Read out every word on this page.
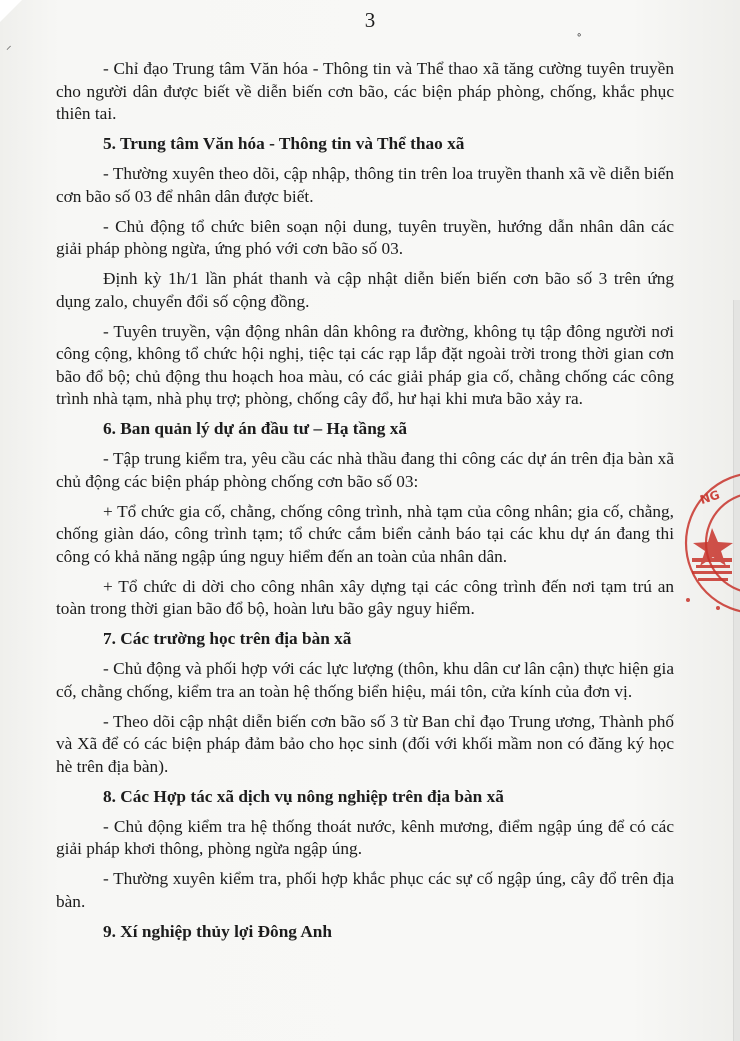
⸝
∘
3
- Chỉ đạo Trung tâm Văn hóa - Thông tin và Thể thao xã tăng cường tuyên truyền cho người dân được biết về diễn biến cơn bão, các biện pháp phòng, chống, khắc phục thiên tai.
5. Trung tâm Văn hóa - Thông tin và Thể thao xã
- Thường xuyên theo dõi, cập nhập, thông tin trên loa truyền thanh xã về diễn biến cơn bão số 03 để nhân dân được biết.
- Chủ động tổ chức biên soạn nội dung, tuyên truyền, hướng dẫn nhân dân các giải pháp phòng ngừa, ứng phó với cơn bão số 03.
Định kỳ 1h/1 lần phát thanh và cập nhật diễn biến biến cơn bão số 3 trên ứng dụng zalo, chuyển đổi số cộng đồng.
- Tuyên truyền, vận động nhân dân không ra đường, không tụ tập đông người nơi công cộng, không tổ chức hội nghị, tiệc tại các rạp lắp đặt ngoài trời trong thời gian cơn bão đổ bộ; chủ động thu hoạch hoa màu, có các giải pháp gia cố, chằng chống các công trình nhà tạm, nhà phụ trợ; phòng, chống cây đổ, hư hại khi mưa bão xảy ra.
6. Ban quản lý dự án đầu tư – Hạ tầng xã
- Tập trung kiểm tra, yêu cầu các nhà thầu đang thi công các dự án trên địa bàn xã chủ động các biện pháp phòng chống cơn bão số 03:
+ Tổ chức gia cố, chằng, chống công trình, nhà tạm của công nhân; gia cố, chằng, chống giàn dáo, công trình tạm; tổ chức cắm biển cảnh báo tại các khu dự án đang thi công có khả năng ngập úng nguy hiểm đến an toàn của nhân dân.
+ Tổ chức di dời cho công nhân xây dựng tại các công trình đến nơi tạm trú an toàn trong thời gian bão đổ bộ, hoàn lưu bão gây nguy hiểm.
7. Các trường học trên địa bàn xã
- Chủ động và phối hợp với các lực lượng (thôn, khu dân cư lân cận) thực hiện gia cố, chằng chống, kiểm tra an toàn hệ thống biển hiệu, mái tôn, cửa kính của đơn vị.
- Theo dõi cập nhật diễn biến cơn bão số 3 từ Ban chỉ đạo Trung ương, Thành phố và Xã để có các biện pháp đảm bảo cho học sinh (đối với khối mầm non có đăng ký học hè trên địa bàn).
8. Các Hợp tác xã dịch vụ nông nghiệp trên địa bàn xã
- Chủ động kiểm tra hệ thống thoát nước, kênh mương, điểm ngập úng để có các giải pháp khơi thông, phòng ngừa ngập úng.
- Thường xuyên kiểm tra, phối hợp khắc phục các sự cố ngập úng, cây đổ trên địa bàn.
9. Xí nghiệp thủy lợi Đông Anh
NG
